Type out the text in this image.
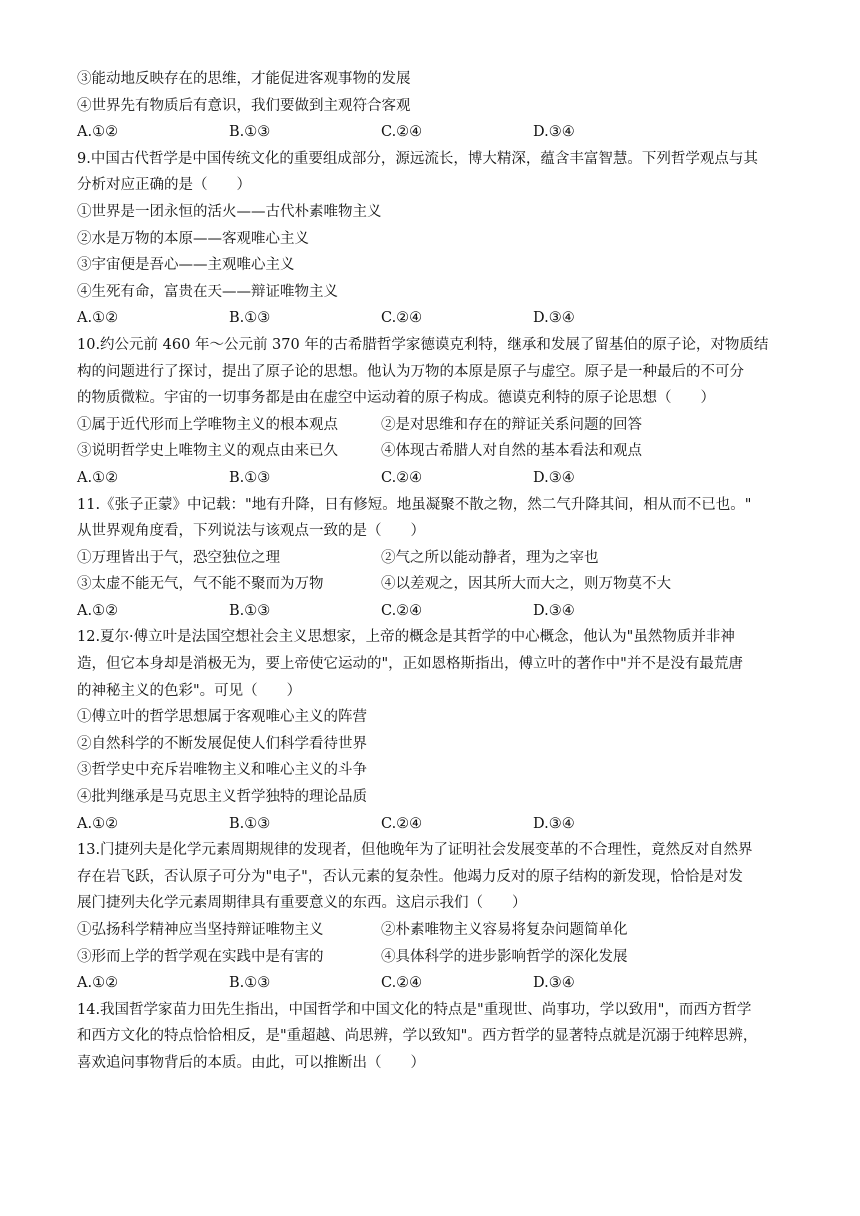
③能动地反映存在的思维，才能促进客观事物的发展
④世界先有物质后有意识，我们要做到主观符合客观
A.①②	B.①③	C.②④	D.③④
9.中国古代哲学是中国传统文化的重要组成部分，源远流长，博大精深，蕴含丰富智慧。下列哲学观点与其
分析对应正确的是（　　）
①世界是一团永恒的活火——古代朴素唯物主义
②水是万物的本原——客观唯心主义
③宇宙便是吾心——主观唯心主义
④生死有命，富贵在天——辩证唯物主义
A.①②	B.①③	C.②④	D.③④
10.约公元前 460 年～公元前 370 年的古希腊哲学家德谟克利特，继承和发展了留基伯的原子论，对物质结
构的问题进行了探讨，提出了原子论的思想。他认为万物的本原是原子与虚空。原子是一种最后的不可分
的物质微粒。宇宙的一切事务都是由在虚空中运动着的原子构成。德谟克利特的原子论思想（　　）
①属于近代形而上学唯物主义的根本观点	②是对思维和存在的辩证关系问题的回答
③说明哲学史上唯物主义的观点由来已久	④体现古希腊人对自然的基本看法和观点
A.①②	B.①③	C.②④	D.③④
11.《张子正蒙》中记载："地有升降，日有修短。地虽凝聚不散之物，然二气升降其间，相从而不已也。"
从世界观角度看，下列说法与该观点一致的是（　　）
①万理皆出于气，恐空独位之理	②气之所以能动静者，理为之宰也
③太虚不能无气，气不能不聚而为万物	④以差观之，因其所大而大之，则万物莫不大
A.①②	B.①③	C.②④	D.③④
12.夏尔·傅立叶是法国空想社会主义思想家，上帝的概念是其哲学的中心概念，他认为"虽然物质并非神
造，但它本身却是消极无为，要上帝使它运动的"，正如恩格斯指出，傅立叶的著作中"并不是没有最荒唐
的神秘主义的色彩"。可见（　　）
①傅立叶的哲学思想属于客观唯心主义的阵营
②自然科学的不断发展促使人们科学看待世界
③哲学史中充斥岩唯物主义和唯心主义的斗争
④批判继承是马克思主义哲学独特的理论品质
A.①②	B.①③	C.②④	D.③④
13.门捷列夫是化学元素周期规律的发现者，但他晚年为了证明社会发展变革的不合理性，竟然反对自然界
存在岩飞跃，否认原子可分为"电子"，否认元素的复杂性。他竭力反对的原子结构的新发现，恰恰是对发
展门捷列夫化学元素周期律具有重要意义的东西。这启示我们（　　）
①弘扬科学精神应当坚持辩证唯物主义	②朴素唯物主义容易将复杂问题简单化
③形而上学的哲学观在实践中是有害的	④具体科学的进步影响哲学的深化发展
A.①②	B.①③	C.②④	D.③④
14.我国哲学家苗力田先生指出，中国哲学和中国文化的特点是"重现世、尚事功，学以致用"，而西方哲学
和西方文化的特点恰恰相反，是"重超越、尚思辨，学以致知"。西方哲学的显著特点就是沉溺于纯粹思辨，
喜欢追问事物背后的本质。由此，可以推断出（　　）
